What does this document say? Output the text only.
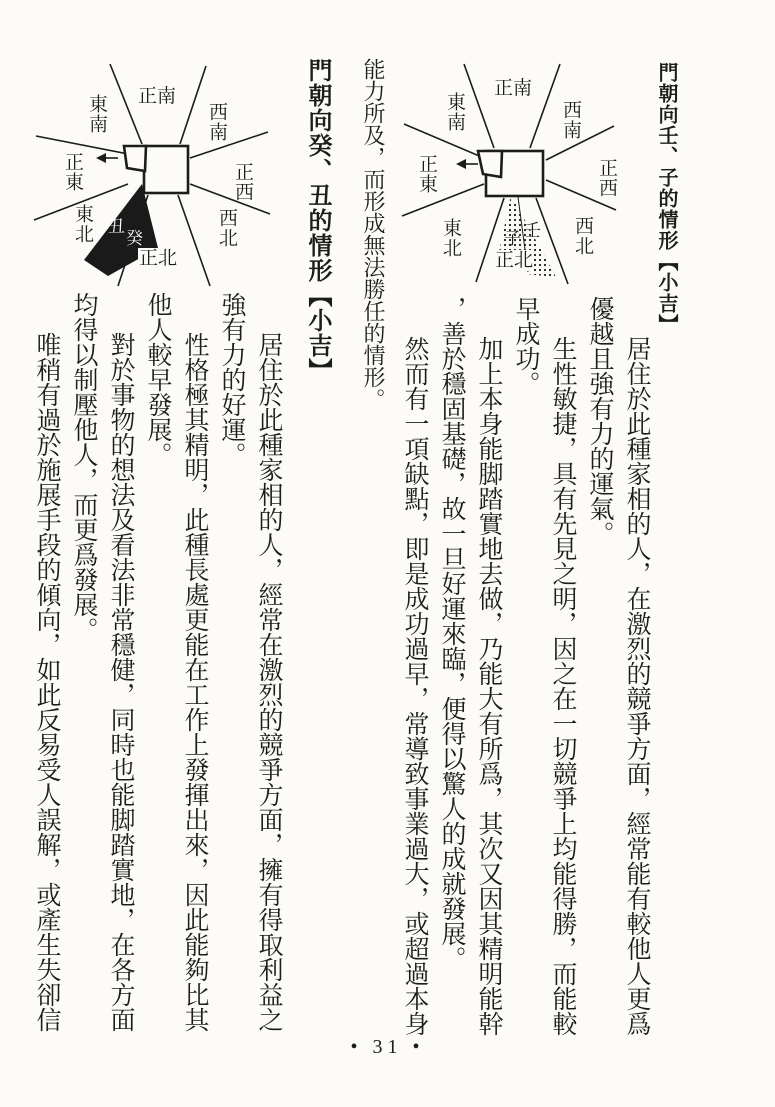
門朝向壬、子的情形【小吉】
正南
東南	西南
正東	正西
東北	西北
正北
子 壬

居住於此種家相的人，在激烈的競爭方面，經常能有較他人更爲優越且強有力的運氣。

生性敏捷，具有先見之明，因之在一切競爭上均能得勝，而能較早成功。

加上本身能脚踏實地去做，乃能大有所爲，其次又因其精明能幹，善於穩固基礎，故一旦好運來臨，便得以驚人的成就發展。

然而有一項缺點，即是成功過早，常導致事業過大，或超過本身

能力所及，而形成無法勝任的情形。
門朝向癸、丑的情形【小吉】
正南
東南	西南
正東	正西
東北	西北
正北
丑
癸

居住於此種家相的人，經常在激烈的競爭方面，擁有得取利益之強有力的好運。

性格極其精明，此種長處更能在工作上發揮出來，因此能夠比其他人較早發展。

對於事物的想法及看法非常穩健，同時也能脚踏實地，在各方面均得以制壓他人，而更爲發展。

唯稍有過於施展手段的傾向，如此反易受人誤解，或產生失卻信

• 31 •
